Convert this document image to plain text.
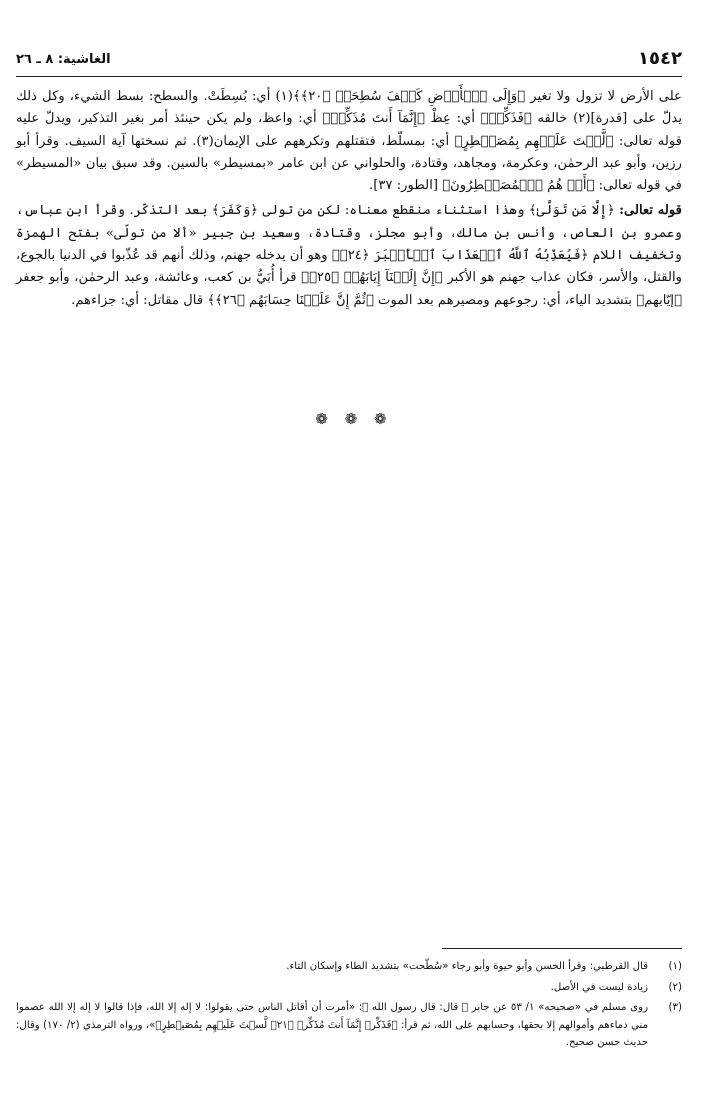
١٥٤٢
الغاشية: ٨ ـ ٢٦

على الأرض لا تزول ولا تغير ﴿وَإِلَى ٱلۡأَرۡضِ كَيۡفَ سُطِحَتۡ ﴿٢٠﴾﴾(١) أي: بُسِطَتْ. والسطح: بسط الشيء، وكل ذلك يدلّ على [قدرة](٢) خالقه ﴿فَذَكِّرۡ﴾ أي: عِظْ ﴿إِنَّمَآ أَنتَ مُذَكِّرٞ﴾ أي: واعظ، ولم يكن حينئذ أمر بغير التذكير، ويدلّ عليه قوله تعالى: ﴿لَّسۡتَ عَلَيۡهِم بِمُصَيۡطِرٍ﴾ أي: بمسلّط، فتقتلهم وتكرههم على الإيمان(٣). ثم نسختها آية السيف. وقرأ أبو رزين، وأبو عبد الرحمٰن، وعكرمة، ومجاهد، وقتادة، والحلواني عن ابن عامر «بمسيطر» بالسين. وقد سبق بيان «المسيطر» في قوله تعالى: ﴿أَمۡ هُمُ ٱلۡمُصَيۡطِرُونَ﴾ [الطور: ٣٧].

قوله تعالى: ﴿إِلَّا مَن تَوَلَّىٰ﴾ وهذا استثناء منقطع معناه: لكن من تولى ﴿وَكَفَرَ﴾ بعد التذكّر. وقرأ ابن عباس، وعمرو بن العاص، وأنس بن مالك، وأبو مجلز، وقتادة، وسعيد بن جبير «ألا من تولّى» بفتح الهمزة وتخفيف اللام ﴿فَيُعَذِّبُهُ ٱللَّهُ ٱلۡعَذَابَ ٱلۡأَكۡبَرَ ﴿٢٤﴾﴾ وهو أن يدخله جهنم، وذلك أنهم قد عُذّبوا في الدنيا بالجوع، والقتل، والأسر، فكان عذاب جهنم هو الأكبر ﴿إِنَّ إِلَيۡنَآ إِيَابَهُمۡ ﴿٢٥﴾﴾ قرأ أُبَيُّ بن كعب، وعائشة، وعبد الرحمٰن، وأبو جعفر ﴿إيّابهم﴾ بتشديد الياء، أي: رجوعهم ومصيرهم بعد الموت ﴿ثُمَّ إِنَّ عَلَيۡنَا حِسَابَهُم ﴿٢٦﴾﴾ قال مقاتل: أي: جزاءهم.

❁ ❁ ❁
(١)
قال القرطبي: وقرأ الحسن وأبو حيوة وأبو رجاء «سُطّحت» بتشديد الطاء وإسكان التاء.
(٢)
زيادة ليست في الأصل.
(٣)
روى مسلم في «صحيحه» ١/ ٥٣ عن جابر ﷺ قال: قال رسول الله ﷺ: «أمرت أن أقاتل الناس حتى يقولوا: لا إله إلا الله، فإذا قالوا لا إله إلا الله عصموا مني دماءهم وأموالهم إلا بحقها، وحسابهم على الله، ثم قرأ: ﴿فَذَكِّرۡ إِنَّمَآ أَنتَ مُذَكِّرٞ ﴿٢١﴾ لَّسۡتَ عَلَيۡهِم بِمُصَيۡطِرٍ﴾»، ورواه الترمذي (٢/ ١٧٠) وقال: حديث حسن صحيح.
